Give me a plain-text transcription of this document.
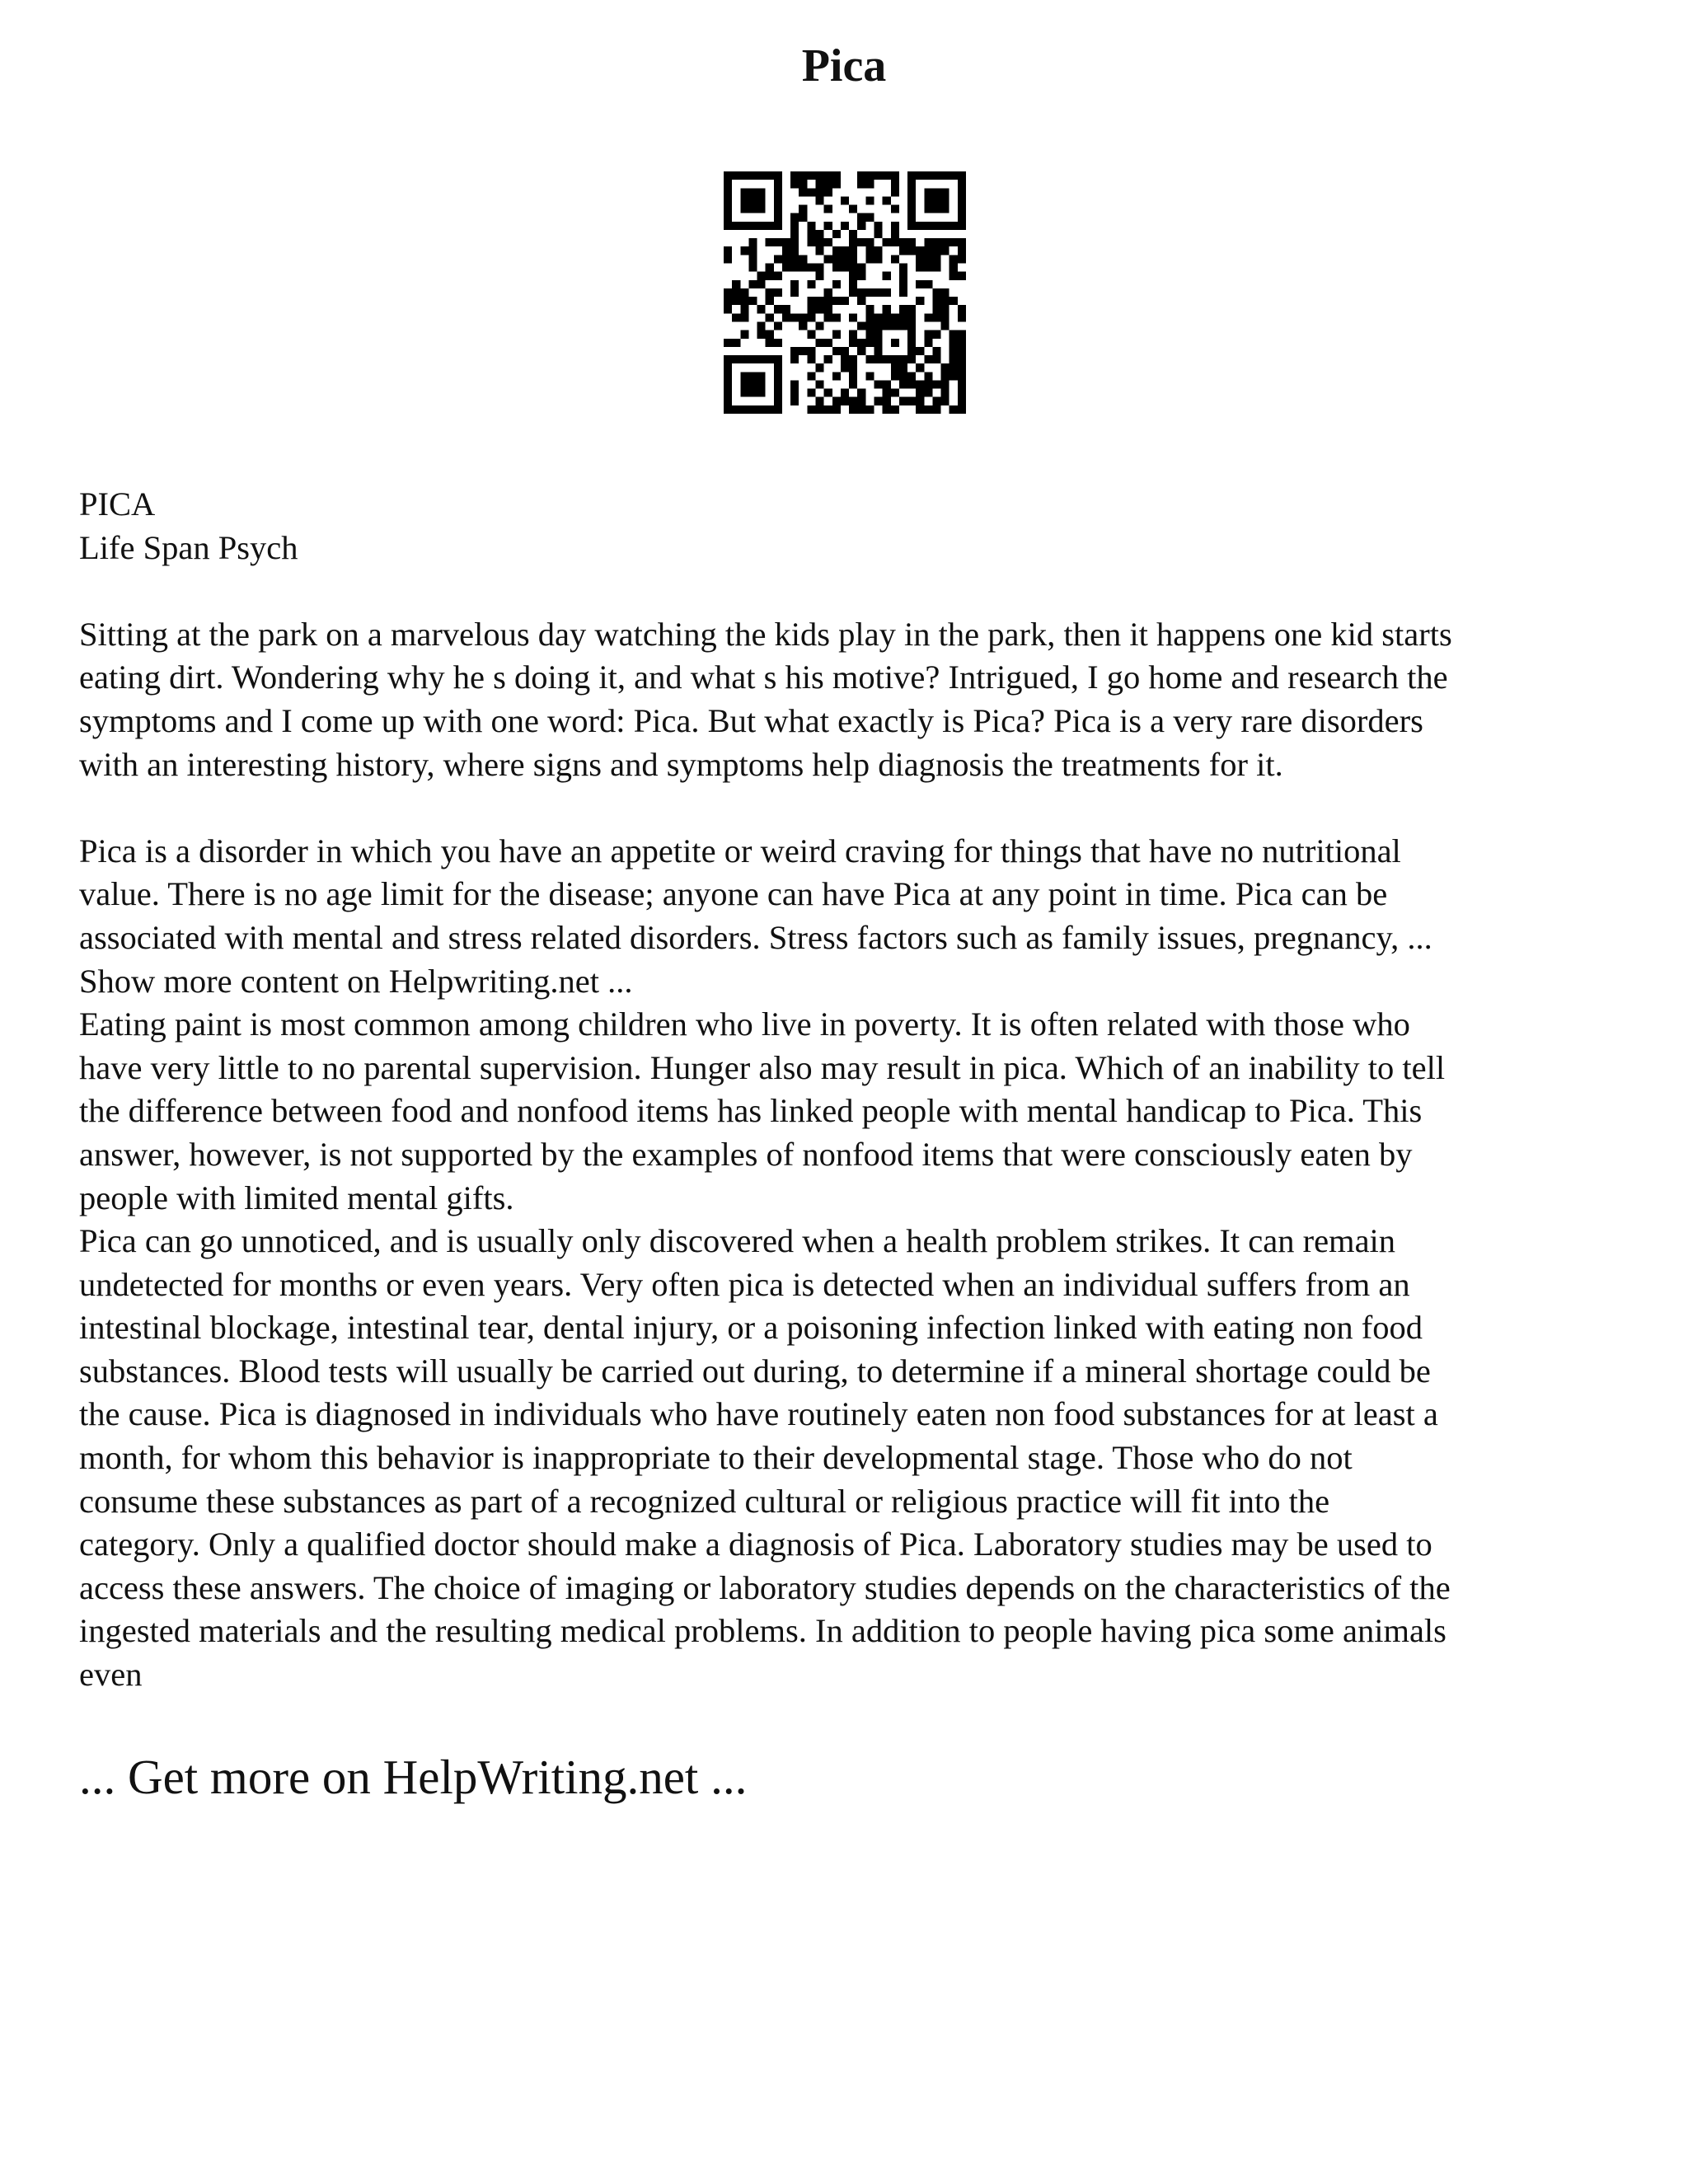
Pica
PICA
Life Span Psych
Sitting at the park on a marvelous day watching the kids play in the park, then it happens one kid starts
eating dirt. Wondering why he s doing it, and what s his motive? Intrigued, I go home and research the
symptoms and I come up with one word: Pica. But what exactly is Pica? Pica is a very rare disorders
with an interesting history, where signs and symptoms help diagnosis the treatments for it.
Pica is a disorder in which you have an appetite or weird craving for things that have no nutritional
value. There is no age limit for the disease; anyone can have Pica at any point in time. Pica can be
associated with mental and stress related disorders. Stress factors such as family issues, pregnancy, ...
Show more content on Helpwriting.net ...
Eating paint is most common among children who live in poverty. It is often related with those who
have very little to no parental supervision. Hunger also may result in pica. Which of an inability to tell
the difference between food and nonfood items has linked people with mental handicap to Pica. This
answer, however, is not supported by the examples of nonfood items that were consciously eaten by
people with limited mental gifts.
Pica can go unnoticed, and is usually only discovered when a health problem strikes. It can remain
undetected for months or even years. Very often pica is detected when an individual suffers from an
intestinal blockage, intestinal tear, dental injury, or a poisoning infection linked with eating non food
substances. Blood tests will usually be carried out during, to determine if a mineral shortage could be
the cause. Pica is diagnosed in individuals who have routinely eaten non food substances for at least a
month, for whom this behavior is inappropriate to their developmental stage. Those who do not
consume these substances as part of a recognized cultural or religious practice will fit into the
category. Only a qualified doctor should make a diagnosis of Pica. Laboratory studies may be used to
access these answers. The choice of imaging or laboratory studies depends on the characteristics of the
ingested materials and the resulting medical problems. In addition to people having pica some animals
even
... Get more on HelpWriting.net ...
